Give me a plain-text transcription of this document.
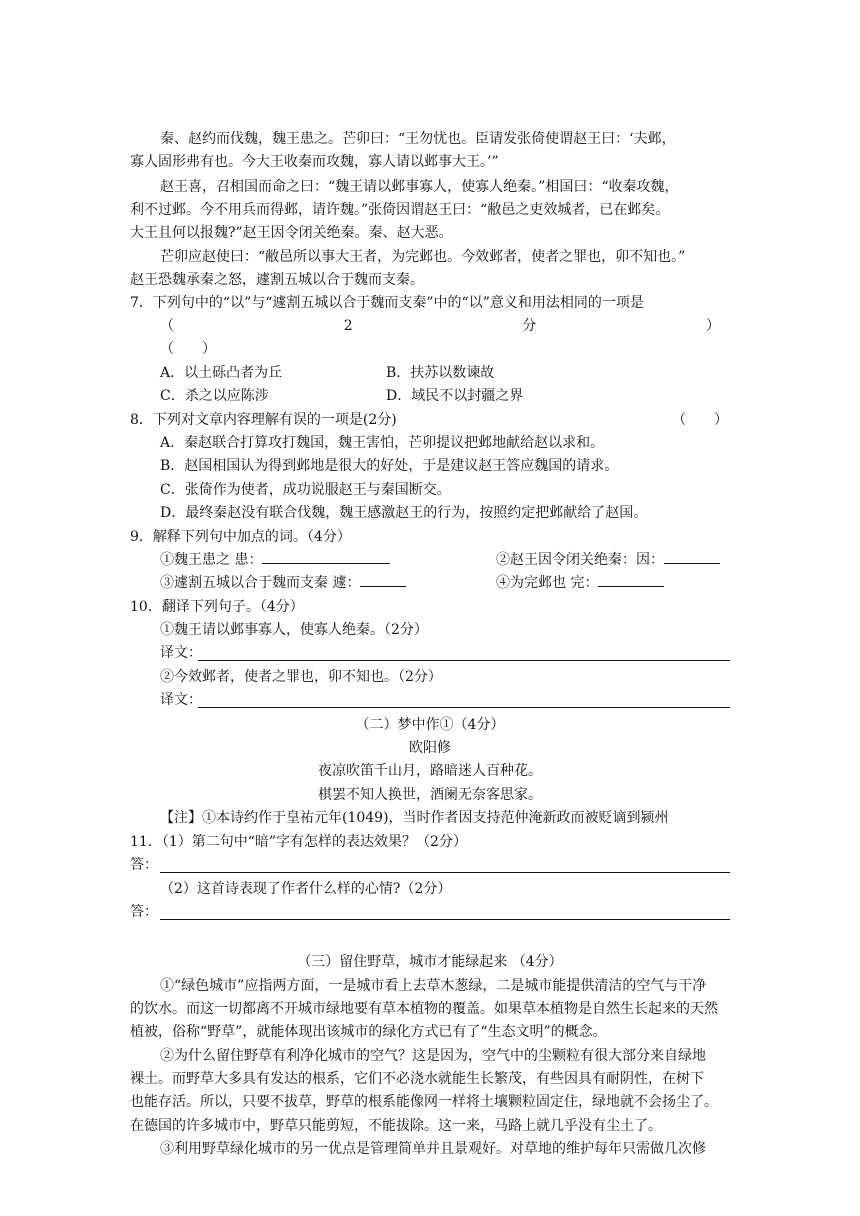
秦、赵约而伐魏，魏王患之。芒卯曰：“王勿忧也。臣请发张倚使谓赵王曰：‘夫邺，
寡人固形弗有也。今大王收秦而攻魏，寡人请以邺事大王。’”
赵王喜，召相国而命之曰：“魏王请以邺事寡人，使寡人绝秦。”相国曰：“收秦攻魏，
利不过邺。今不用兵而得邺，请许魏。”张倚因谓赵王曰：“敝邑之吏效城者，已在邺矣。
大王且何以报魏?”赵王因令闭关绝秦。秦、赵大恶。
芒卯应赵使曰：“敝邑所以事大王者，为完邺也。今效邺者，使者之罪也，卯不知也。”
赵王恐魏承秦之怒，遽割五城以合于魏而支秦。
7．下列句中的“以”与“遽割五城以合于魏而支秦”中的“以”意义和用法相同的一项是
（	2	分	）
（　　）
A．以土砾凸者为丘	B．扶苏以数谏故
C．杀之以应陈涉	D．域民不以封疆之界
8．下列对文章内容理解有误的一项是(2分)	（　　）
A．秦赵联合打算攻打魏国，魏王害怕，芒卯提议把邺地献给赵以求和。
B．赵国相国认为得到邺地是很大的好处，于是建议赵王答应魏国的请求。
C．张倚作为使者，成功说服赵王与秦国断交。
D．最终秦赵没有联合伐魏，魏王感激赵王的行为，按照约定把邺献给了赵国。
9．解释下列句中加点的词。（4分）
①魏王患之 患：	②赵王因令闭关绝秦：因：
③遽割五城以合于魏而支秦 遽：	④为完邺也 完：
10．翻译下列句子。（4分）
①魏王请以邺事寡人，使寡人绝秦。（2分）
译文：
②今效邺者，使者之罪也，卯不知也。（2分）
译文：
（二）梦中作①（4分）
欧阳修
夜凉吹笛千山月，路暗迷人百种花。
棋罢不知人换世，酒阑无奈客思家。
【注】①本诗约作于皇祐元年(1049)，当时作者因支持范仲淹新政而被贬谪到颍州
11．（1）第二句中“暗”字有怎样的表达效果？（2分）
答：
（2）这首诗表现了作者什么样的心情?（2分）
答：
（三）留住野草，城市才能绿起来 （4分）
①“绿色城市”应指两方面，一是城市看上去草木葱绿，二是城市能提供清洁的空气与干净
的饮水。而这一切都离不开城市绿地要有草本植物的覆盖。如果草本植物是自然生长起来的天然
植被，俗称“野草”，就能体现出该城市的绿化方式已有了“生态文明”的概念。
②为什么留住野草有利净化城市的空气？这是因为，空气中的尘颗粒有很大部分来自绿地
裸土。而野草大多具有发达的根系，它们不必浇水就能生长繁茂，有些因具有耐阴性，在树下
也能存活。所以，只要不拔草，野草的根系能像网一样将土壤颗粒固定住，绿地就不会扬尘了。
在德国的许多城市中，野草只能剪短，不能拔除。这一来，马路上就几乎没有尘土了。
③利用野草绿化城市的另一优点是管理简单并且景观好。对草地的维护每年只需做几次修
